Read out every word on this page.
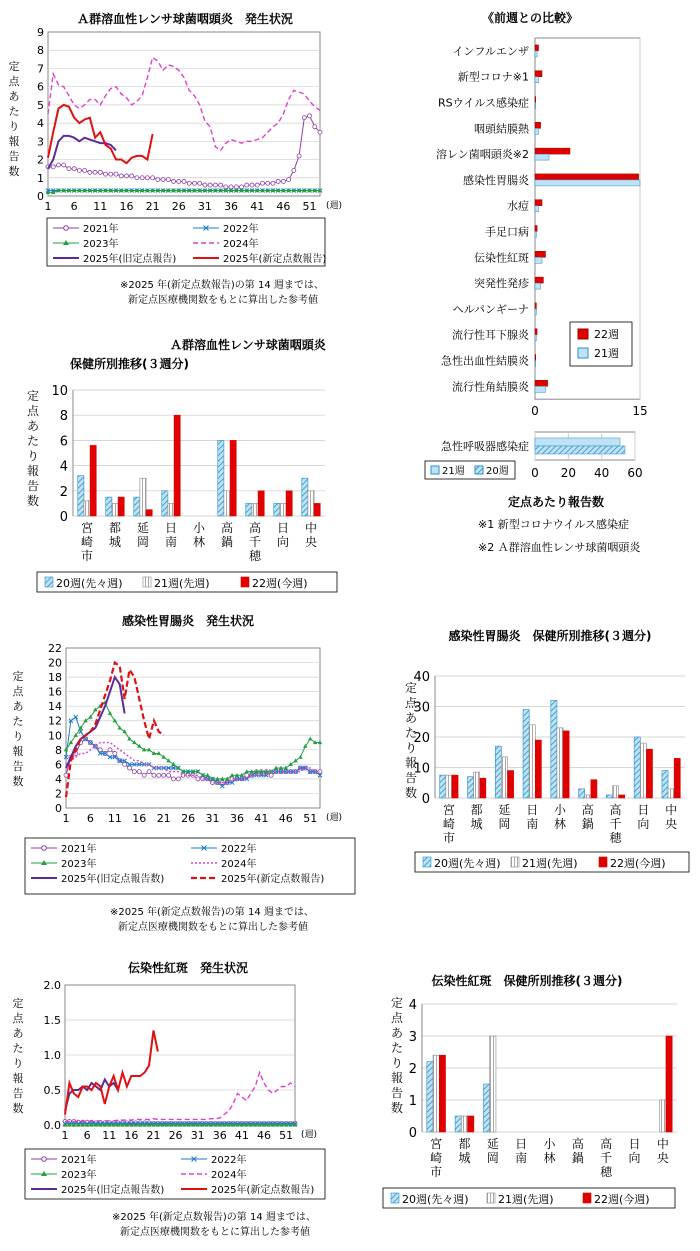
※2025 年(新定点数報告)の第 14 週までは、
新定点医療機関数をもとに算出した参考値
※2025 年(新定点数報告)の第 14 週までは、
新定点医療機関数をもとに算出した参考値
※2025 年(新定点数報告)の第 14 週までは、
新定点医療機関数をもとに算出した参考値
Ａ群溶血性レンサ球菌咽頭炎　発生状況
0
1
2
3
4
5
6
7
8
9
1 6 11 16 21 26 31 36 41 46 51 (週)
定
点
あ
た
り
報
告
数
2021年	2022年
2023年	2024年
2025年(旧定点報告)	2025年(新定点数報告)
Ａ群溶血性レンサ球菌咽頭炎
保健所別推移(３週分)
0
2
4
6
8
10
定
点
あ
た
り
報
告
数
宮
崎
市
都
城
延
岡
日
南
小
林
高
鍋
高
千
穂
日
向
中
央
20週(先々週)	21週(先週)	22週(今週)
感染性胃腸炎　保健所別推移(３週分)
0
10
20
30
40
定
点
あ
た
り
報
告
数
宮
崎
市
都
城
延
岡
日
南
小
林
高
鍋
高
千
穂
日
向
中
央
20週(先々週) 21週(先週)	22週(今週)
伝染性紅斑　保健所別推移(３週分)
0
1
2
3
4
定
点
あ
た
り
報
告
数
宮
崎
市
都
城
延
岡
日
南
小
林
高
鍋
高
千
穂
日
向
中
央
20週(先々週)	21週(先週)	22週(今週)
《前週との比較》
インフルエンザ
新型コロナ※1
RSウイルス感染症
咽頭結膜熱
溶レン菌咽頭炎※2
感染性胃腸炎
水痘
手足口病
伝染性紅斑
突発性発疹
ヘルパンギーナ
流行性耳下腺炎
急性出血性結膜炎
流行性角結膜炎
0	15
22週
21週
0 20 40 60
急性呼吸器感染症
21週 20週
定点あたり報告数
※1 新型コロナウイルス感染症
※2 Ａ群溶血性レンサ球菌咽頭炎
感染性胃腸炎　発生状況
0
2
4
6
8
10
12
14
16
18
20
22
1 6 11 16 21 26 31 36 41 46 51 (週)
定
点
あ
た
り
報
告
数
2021年	2022年
2023年	2024年
2025年(旧定点報告数)	2025年(新定点数報告)
伝染性紅斑　発生状況
0.0
0.5
1.0
1.5
2.0
1 6 11 16 21 26 31 36 41 46 51 (週)
定
点
あ
た
り
報
告
数
2021年	2022年
2023年	2024年
2025年(旧定点報告数)	2025年(新定点数報告)
